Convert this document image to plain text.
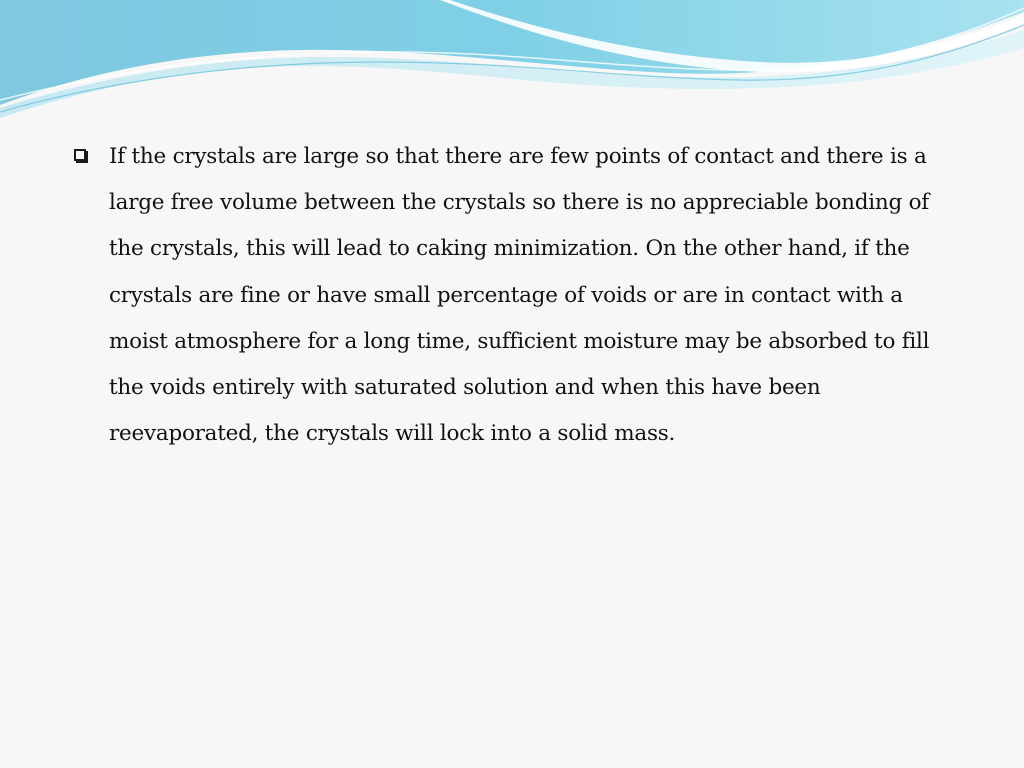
If the crystals are large so that there are few points of contact and there is a large free volume between the crystals so there is no appreciable bonding of the crystals, this will lead to caking minimization. On the other hand, if the crystals are fine or have small percentage of voids or are in contact with a moist atmosphere for a long time, sufficient moisture may be absorbed to fill the voids entirely with saturated solution and when this have been reevaporated, the crystals will lock into a solid mass.
